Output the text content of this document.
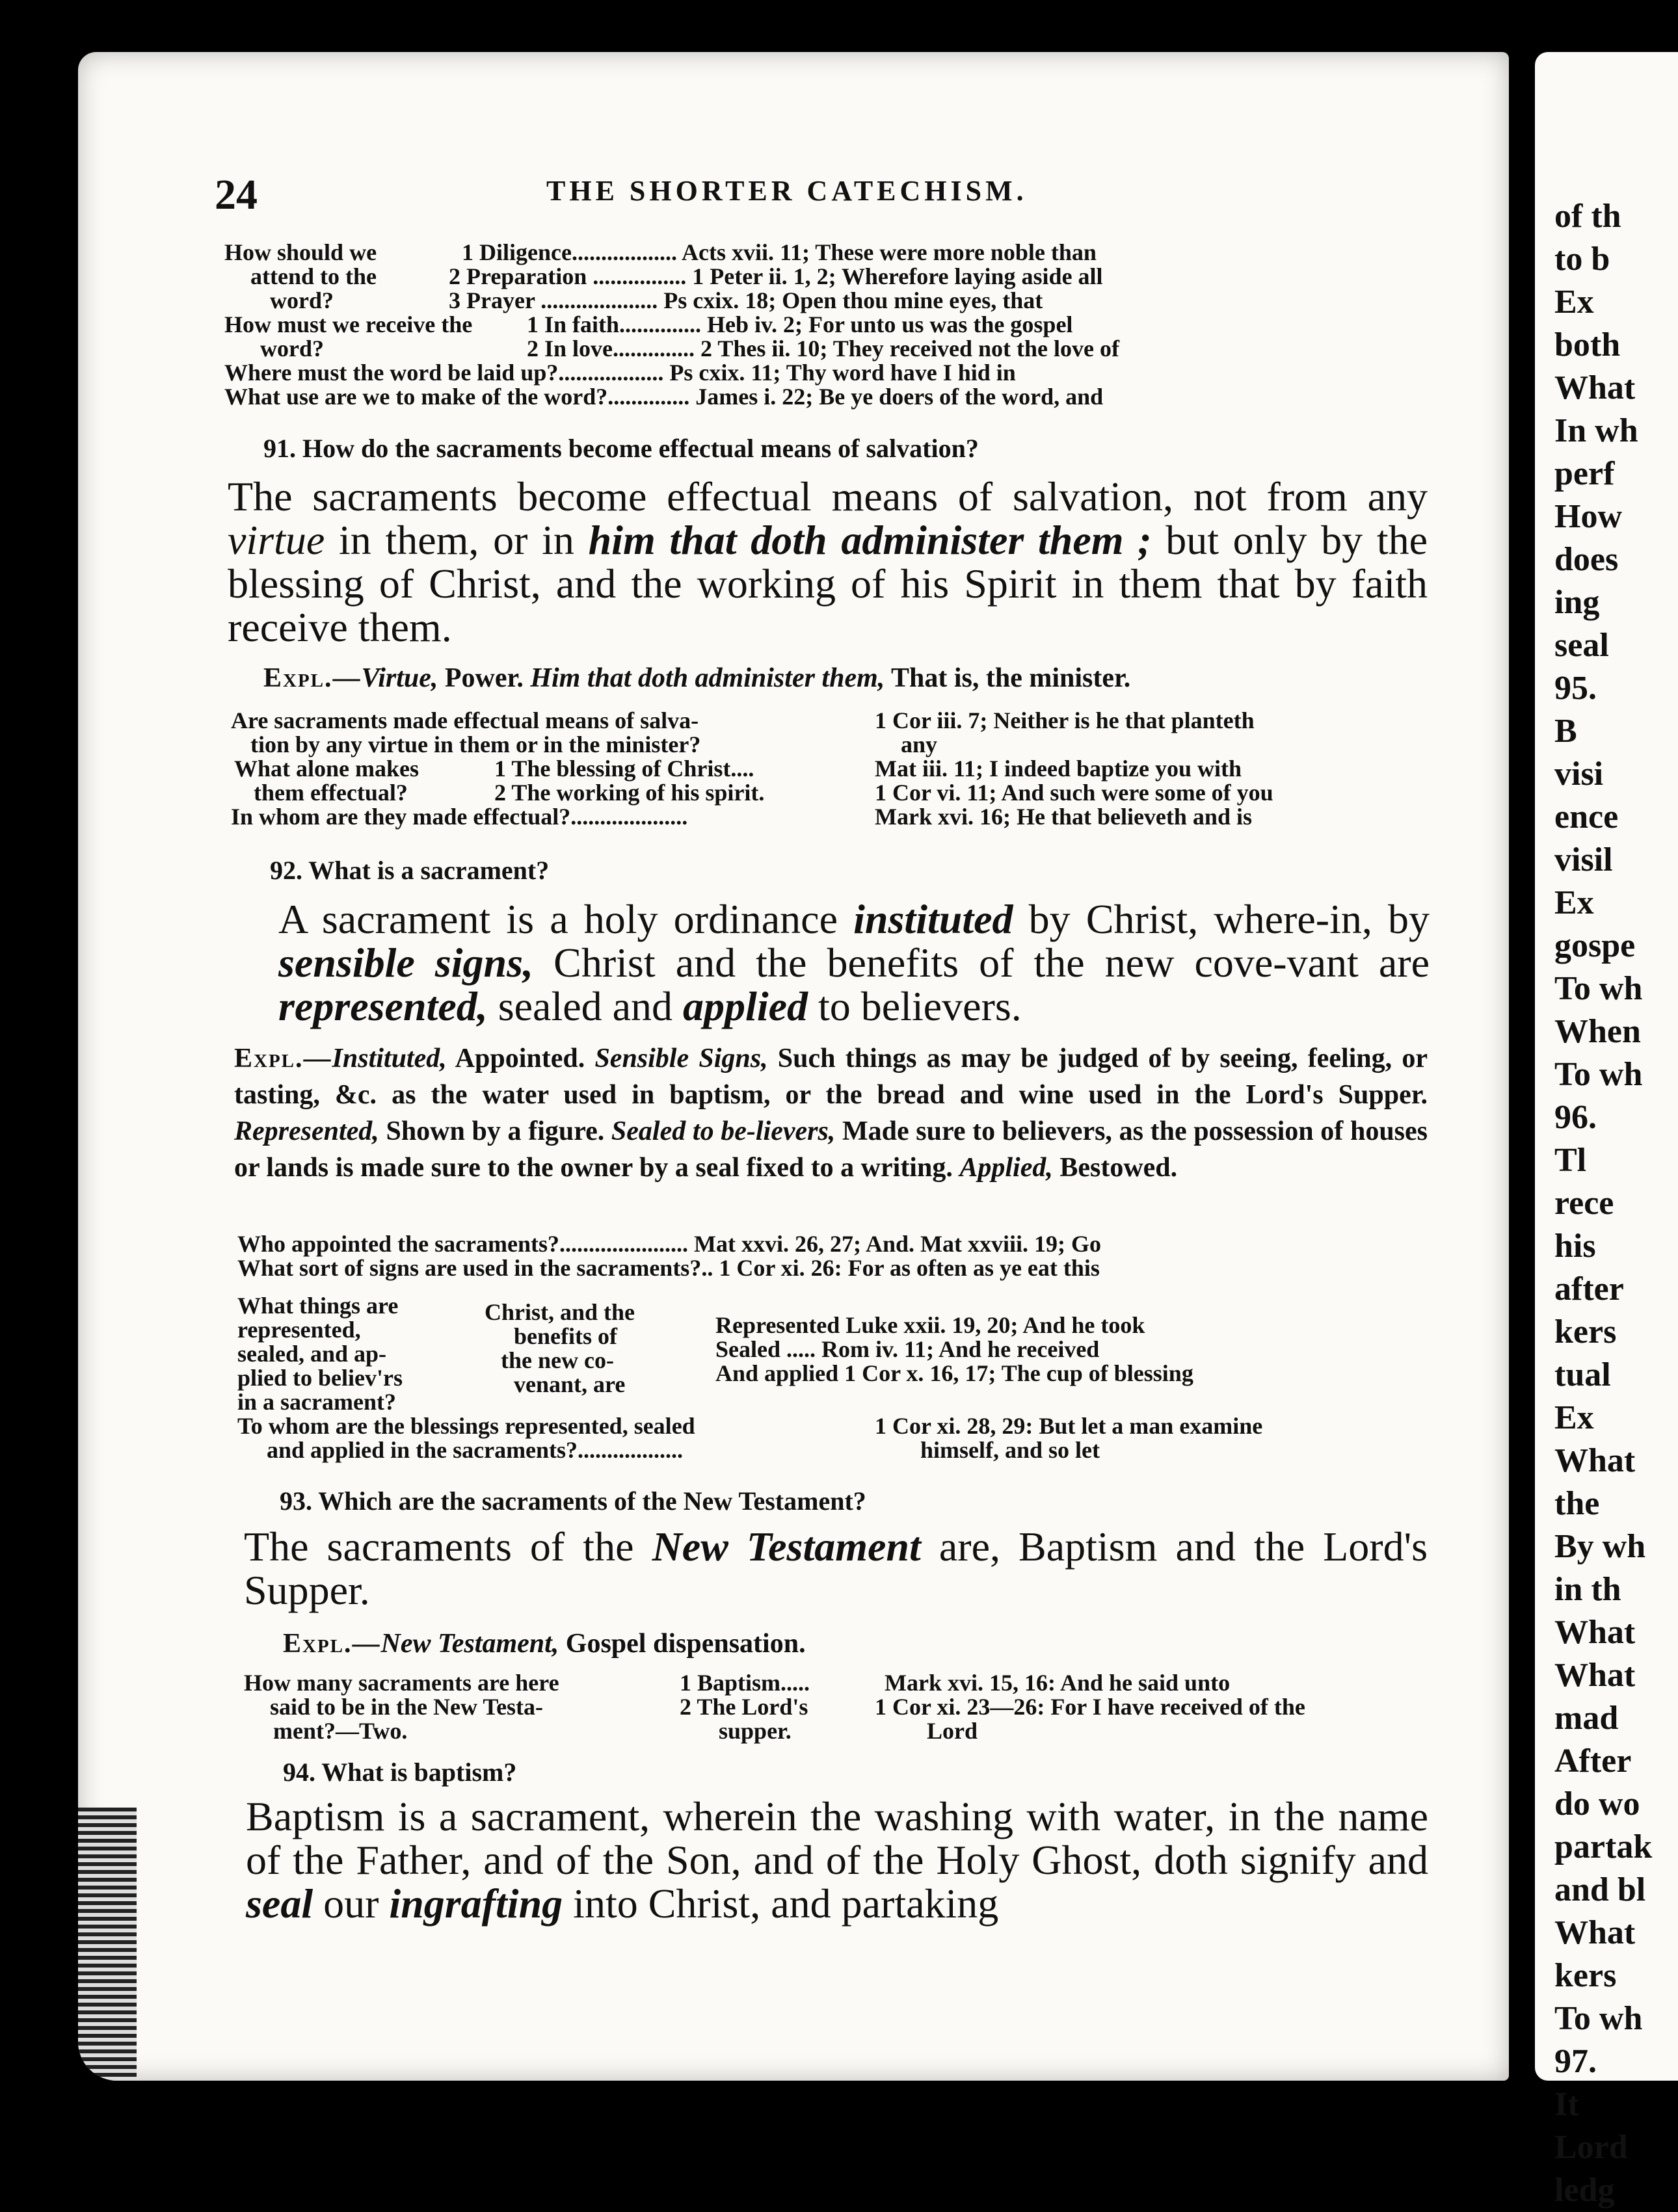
24	THE SHORTER CATECHISM.
How should we
attend to the
word?
1 Diligence.................. Acts xvii. 11; These were more noble than
2 Preparation ................ 1 Peter ii. 1, 2; Wherefore laying aside all
3 Prayer .................... Ps cxix. 18; Open thou mine eyes, that
How must we receive the
word?
1 In faith.............. Heb iv. 2; For unto us was the gospel
2 In love.............. 2 Thes ii. 10; They received not the love of
Where must the word be laid up?.................. Ps cxix. 11; Thy word have I hid in
What use are we to make of the word?.............. James i. 22; Be ye doers of the word, and
91. How do the sacraments become effectual means of salvation?
The sacraments become effectual means of salvation, not from any virtue in them, or in him that doth administer them ; but only by the blessing of Christ, and the working of his Spirit in them that by faith receive them.
Expl.—Virtue, Power. Him that doth administer them, That is, the minister.
Are sacraments made effectual means of salva-
tion by any virtue in them or in the minister?
1 Cor iii. 7; Neither is he that planteth
any
What alone makes
them effectual?
1 The blessing of Christ....
2 The working of his spirit.
Mat iii. 11; I indeed baptize you with
1 Cor vi. 11; And such were some of you
In whom are they made effectual?....................	Mark xvi. 16; He that believeth and is
92. What is a sacrament?
A sacrament is a holy ordinance instituted by Christ, where-in, by sensible signs, Christ and the benefits of the new cove-vant are represented, sealed and applied to believers.
Expl.—Instituted, Appointed. Sensible Signs, Such things as may be judged of by seeing, feeling, or tasting, &c. as the water used in baptism, or the bread and wine used in the Lord's Supper. Represented, Shown by a figure. Sealed to be-lievers, Made sure to believers, as the possession of houses or lands is made sure to the owner by a seal fixed to a writing. Applied, Bestowed.
Who appointed the sacraments?...................... Mat xxvi. 26, 27; And. Mat xxviii. 19; Go
What sort of signs are used in the sacraments?.. 1 Cor xi. 26: For as often as ye eat this
What things are
represented,
sealed, and ap-
plied to believ'rs
in a sacrament?
Christ, and the
benefits of
the new co-
venant, are
Represented Luke xxii. 19, 20; And he took
Sealed ..... Rom iv. 11; And he received
And applied 1 Cor x. 16, 17; The cup of blessing
To whom are the blessings represented, sealed
and applied in the sacraments?..................
1 Cor xi. 28, 29: But let a man examine
himself, and so let
93. Which are the sacraments of the New Testament?
The sacraments of the New Testament are, Baptism and the Lord's Supper.
Expl.—New Testament, Gospel dispensation.
How many sacraments are here
said to be in the New Testa-
ment?—Two.
1 Baptism.....
2 The Lord's
supper.
Mark xvi. 15, 16: And he said unto
1 Cor xi. 23—26: For I have received of the
Lord
94. What is baptism?
Baptism is a sacrament, wherein the washing with water, in the name of the Father, and of the Son, and of the Holy Ghost, doth signify and seal our ingrafting into Christ, and partaking
of th
to b
Ex
both
What
In wh
perf
How
does
ing
seal
95.
B
visi
ence
visil
Ex
gospe
To wh
When
To wh
96.
Tl
rece
his
after
kers
tual
Ex
What
the
By wh
in th
What
What
mad
After
do wo
partak
and bl
What
kers
To wh
97.
It
Lord
ledg
